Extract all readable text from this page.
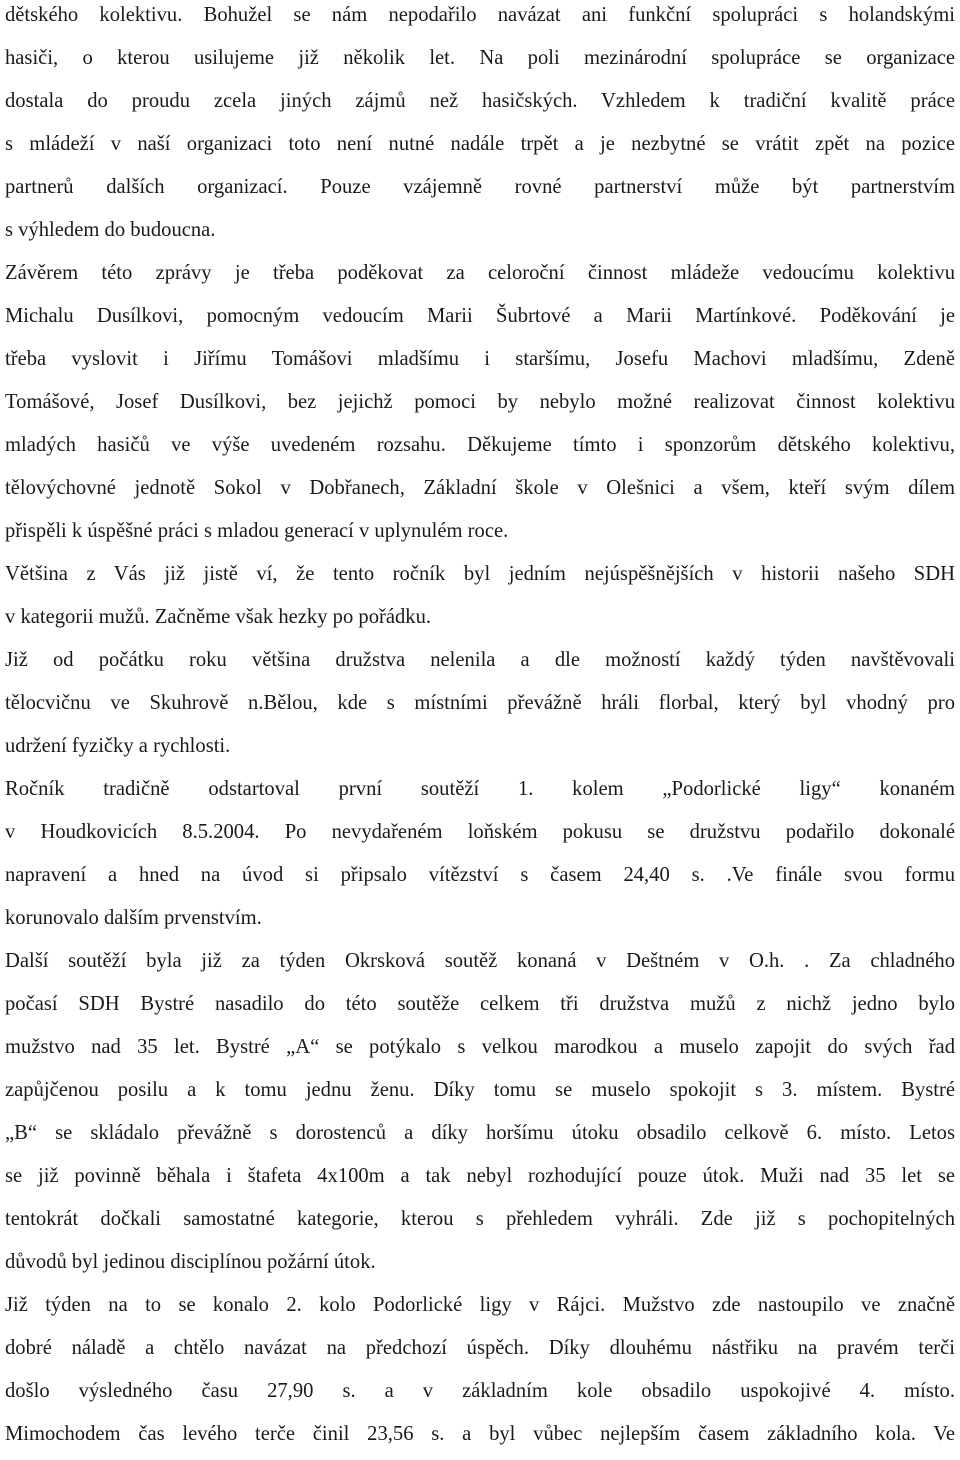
dětského kolektivu. Bohužel se nám nepodařilo navázat ani funkční spolupráci s holandskými
hasiči, o kterou usilujeme již několik let. Na poli mezinárodní spolupráce se organizace
dostala do proudu zcela jiných zájmů než hasičských. Vzhledem k tradiční kvalitě práce
s mládeží v naší organizaci toto není nutné nadále trpět a je nezbytné se vrátit zpět na pozice
partnerů dalších organizací. Pouze vzájemně rovné partnerství může být partnerstvím
s výhledem do budoucna.
Závěrem této zprávy je třeba poděkovat za celoroční činnost mládeže vedoucímu kolektivu
Michalu Dusílkovi, pomocným vedoucím Marii Šubrtové a Marii Martínkové. Poděkování je
třeba vyslovit i Jiřímu Tomášovi mladšímu i staršímu, Josefu Machovi mladšímu, Zdeně
Tomášové, Josef Dusílkovi, bez jejichž pomoci by nebylo možné realizovat činnost kolektivu
mladých hasičů ve výše uvedeném rozsahu. Děkujeme tímto i sponzorům dětského kolektivu,
tělovýchovné jednotě Sokol v Dobřanech, Základní škole v Olešnici a všem, kteří svým dílem
přispěli k úspěšné práci s mladou generací v uplynulém roce.
Většina z Vás již jistě ví, že tento ročník byl jedním nejúspěšnějších v historii našeho SDH
v kategorii mužů. Začněme však hezky po pořádku.
Již od počátku roku většina družstva nelenila a dle možností každý týden navštěvovali
tělocvičnu ve Skuhrově n.Bělou, kde s místními převážně hráli florbal, který byl vhodný pro
udržení fyzičky a rychlosti.
Ročník tradičně odstartoval první soutěží 1. kolem „Podorlické ligy“ konaném
v Houdkovicích 8.5.2004. Po nevydařeném loňském pokusu se družstvu podařilo dokonalé
napravení a hned na úvod si připsalo vítězství s časem 24,40 s. .Ve finále svou formu
korunovalo dalším prvenstvím.
Další soutěží byla již za týden Okrsková soutěž konaná v Deštném v O.h. . Za chladného
počasí SDH Bystré nasadilo do této soutěže celkem tři družstva mužů z nichž jedno bylo
mužstvo nad 35 let. Bystré „A“ se potýkalo s velkou marodkou a muselo zapojit do svých řad
zapůjčenou posilu a k tomu jednu ženu. Díky tomu se muselo spokojit s 3. místem. Bystré
„B“ se skládalo převážně s dorostenců a díky horšímu útoku obsadilo celkově 6. místo. Letos
se již povinně běhala i štafeta 4x100m a tak nebyl rozhodující pouze útok. Muži nad 35 let se
tentokrát dočkali samostatné kategorie, kterou s přehledem vyhráli. Zde již s pochopitelných
důvodů byl jedinou disciplínou požární útok.
Již týden na to se konalo 2. kolo Podorlické ligy v Rájci. Mužstvo zde nastoupilo ve značně
dobré náladě a chtělo navázat na předchozí úspěch. Díky dlouhému nástřiku na pravém terči
došlo výsledného času 27,90 s. a v základním kole obsadilo uspokojivé 4. místo.
Mimochodem čas levého terče činil 23,56 s. a byl vůbec nejlepším časem základního kola. Ve
